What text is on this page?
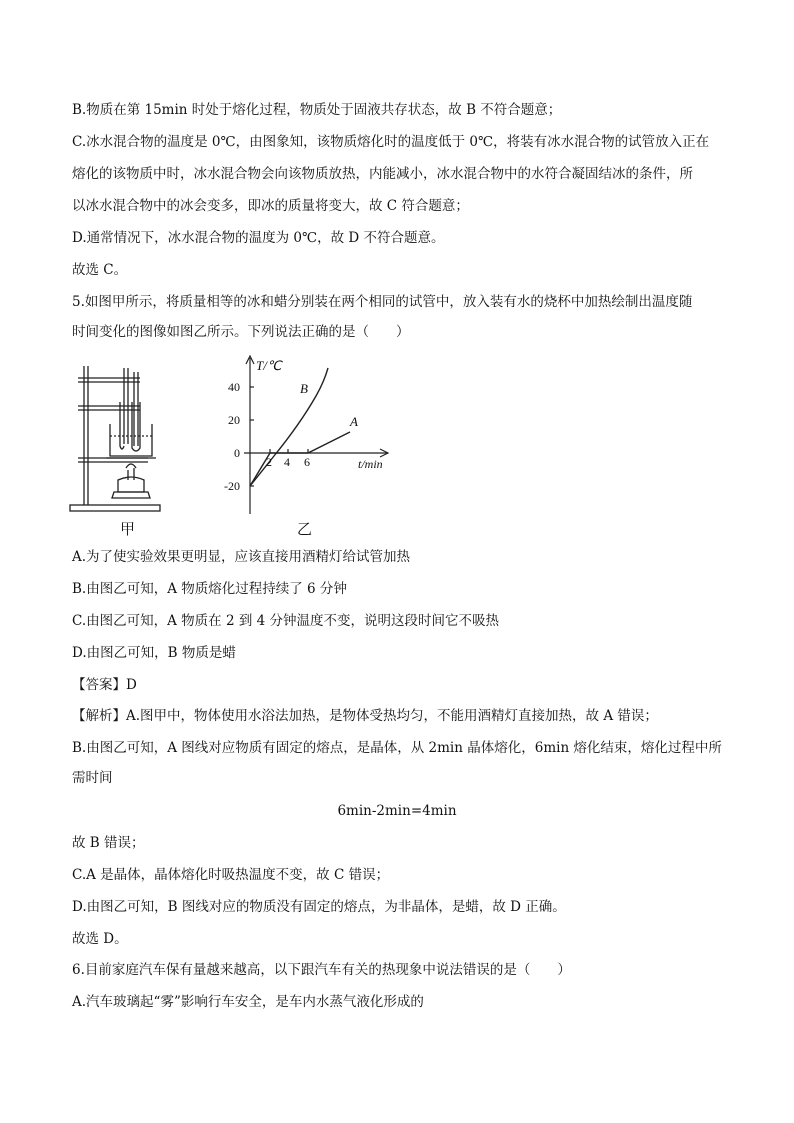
B.物质在第 15min 时处于熔化过程，物质处于固液共存状态，故 B 不符合题意；
C.冰水混合物的温度是 0℃，由图象知，该物质熔化时的温度低于 0℃，将装有冰水混合物的试管放入正在
熔化的该物质中时，冰水混合物会向该物质放热，内能减小，冰水混合物中的水符合凝固结冰的条件，所
以冰水混合物中的冰会变多，即冰的质量将变大，故 C 符合题意；
D.通常情况下，冰水混合物的温度为 0℃，故 D 不符合题意。
故选 C。
5.如图甲所示，将质量相等的冰和蜡分别装在两个相同的试管中，放入装有水的烧杯中加热绘制出温度随
时间变化的图像如图乙所示。下列说法正确的是（　　）
甲
T/℃
t/min
40
20
0
-20
2 4 6
B
A
乙
A.为了使实验效果更明显，应该直接用酒精灯给试管加热
B.由图乙可知，A 物质熔化过程持续了 6 分钟
C.由图乙可知，A 物质在 2 到 4 分钟温度不变，说明这段时间它不吸热
D.由图乙可知，B 物质是蜡
【答案】D
【解析】A.图甲中，物体使用水浴法加热，是物体受热均匀，不能用酒精灯直接加热，故 A 错误；
B.由图乙可知，A 图线对应物质有固定的熔点，是晶体，从 2min 晶体熔化，6min 熔化结束，熔化过程中所
需时间
6min-2min=4min
故 B 错误；
C.A 是晶体，晶体熔化时吸热温度不变，故 C 错误；
D.由图乙可知，B 图线对应的物质没有固定的熔点，为非晶体，是蜡，故 D 正确。
故选 D。
6.目前家庭汽车保有量越来越高，以下跟汽车有关的热现象中说法错误的是（　　）
A.汽车玻璃起“雾”影响行车安全，是车内水蒸气液化形成的
